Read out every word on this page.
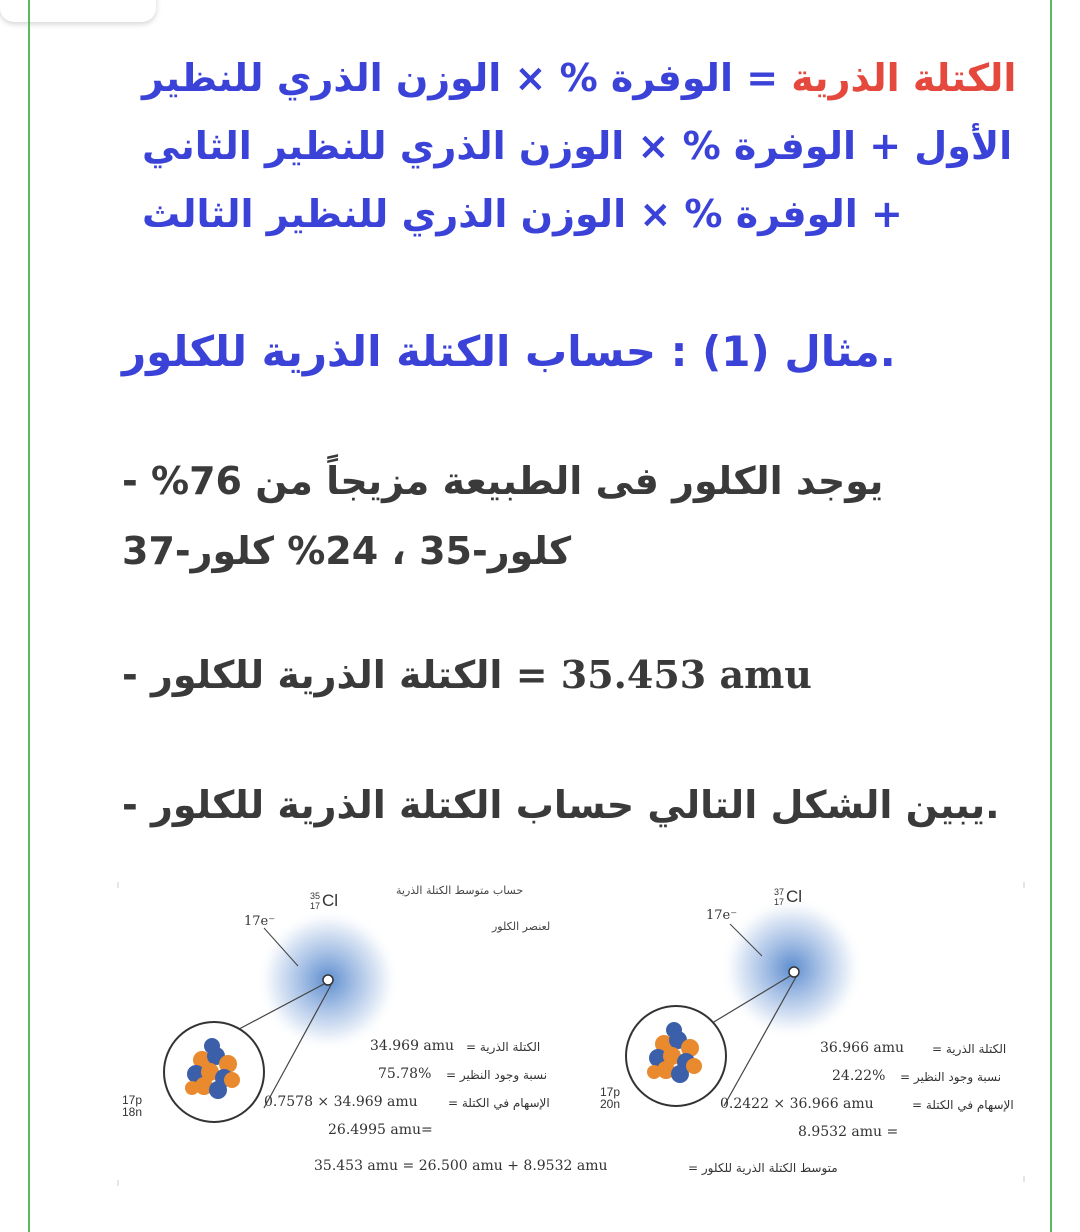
الكتلة الذرية = الوفرة % × الوزن الذري للنظير الأول + الوفرة % × الوزن الذري للنظير الثاني + الوفرة % × الوزن الذري للنظير الثالث

مثال (1) : حساب الكتلة الذرية للكلور.

- يوجد الكلور فى الطبيعة مزيجاً من 76% كلور-35 ، 24% كلور-37

- الكتلة الذرية للكلور = 35.453 amu

- يبين الشكل التالي حساب الكتلة الذرية للكلور.

حساب متوسط الكتلة الذرية
لعنصر الكلور
35
17 Cl
17e⁻
37
17 Cl
17e⁻
17p
18n
17p
20n
34.969 amu الكتلة الذرية =
75.78% نسبة وجود النظير =
0.7578 × 34.969 amu	الإسهام في الكتلة =
26.4995 amu=
36.966 amu الكتلة الذرية =
24.22% نسبة وجود النظير =
0.2422 × 36.966 amu	الإسهام في الكتلة =
8.9532 amu =
35.453 amu = 26.500 amu + 8.9532 amu	متوسط الكتلة الذرية للكلور =
